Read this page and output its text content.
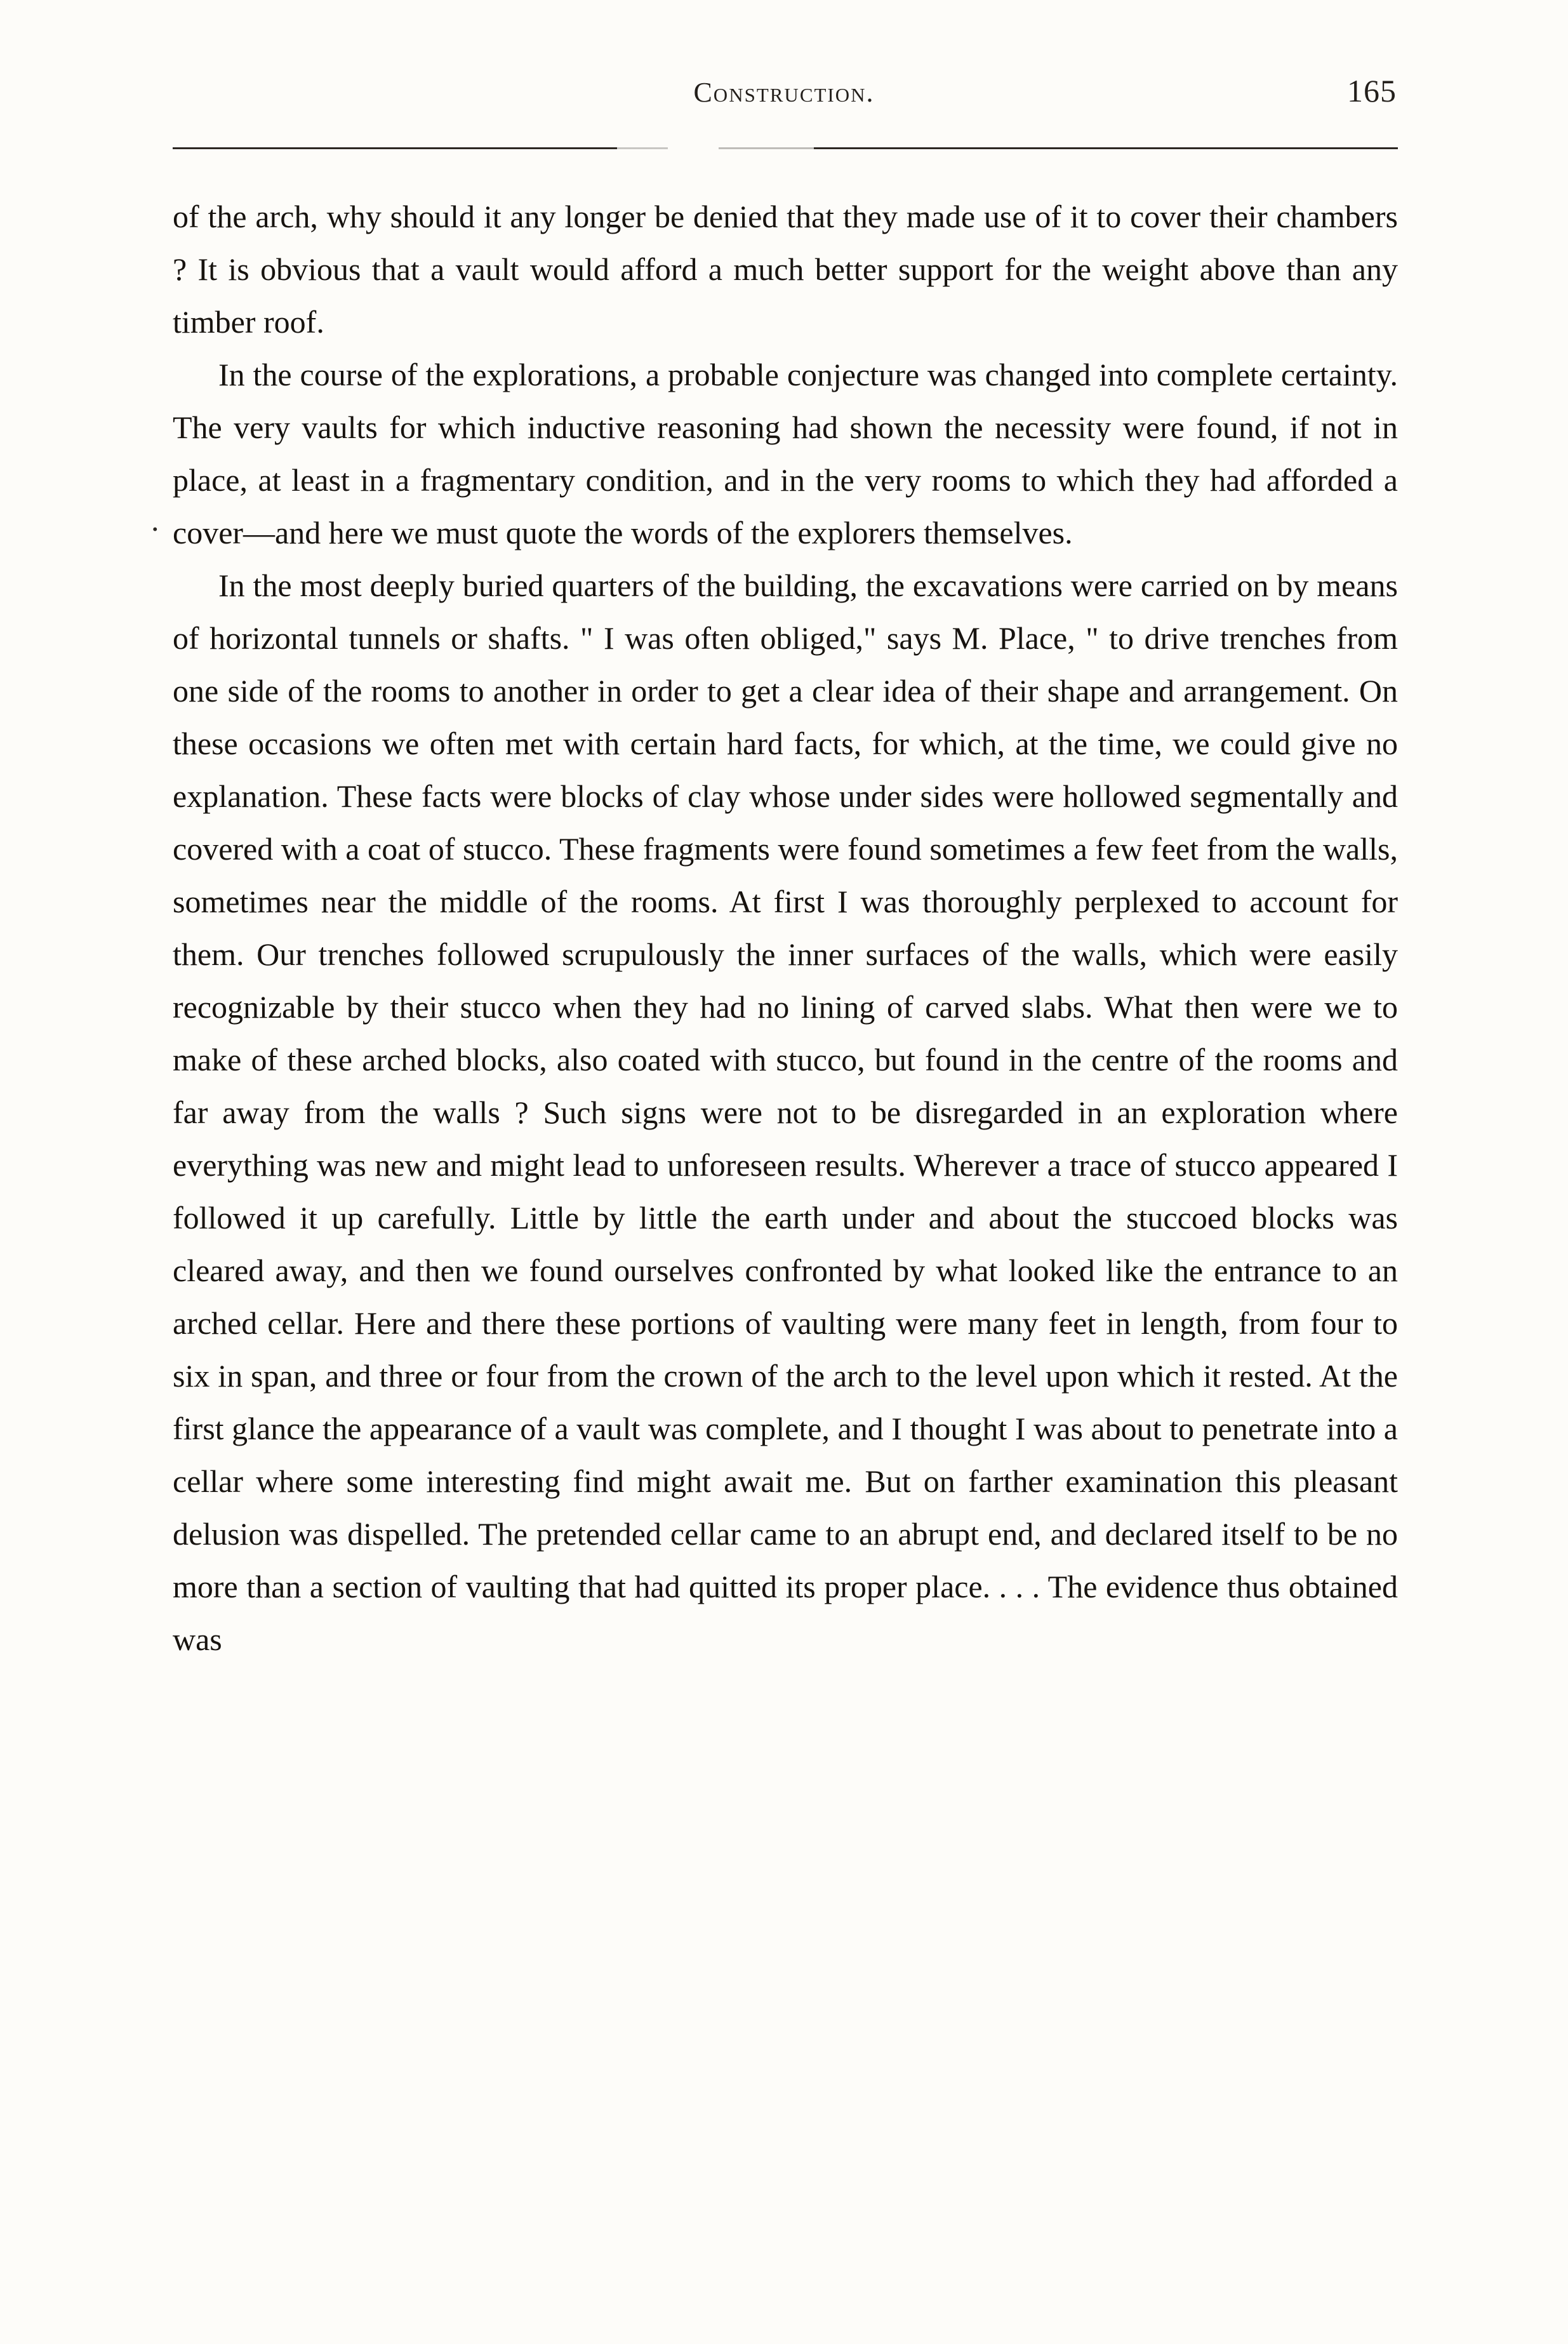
Construction.	165
.

of the arch, why should it any longer be denied that they made use of it to cover their chambers ? It is obvious that a vault would afford a much better support for the weight above than any timber roof.

In the course of the explorations, a probable conjecture was changed into complete certainty. The very vaults for which inductive reasoning had shown the necessity were found, if not in place, at least in a fragmentary condition, and in the very rooms to which they had afforded a cover—and here we must quote the words of the explorers themselves.

In the most deeply buried quarters of the building, the excavations were carried on by means of horizontal tunnels or shafts. " I was often obliged," says M. Place, " to drive trenches from one side of the rooms to another in order to get a clear idea of their shape and arrangement. On these occasions we often met with certain hard facts, for which, at the time, we could give no explanation. These facts were blocks of clay whose under sides were hollowed segmentally and covered with a coat of stucco. These fragments were found sometimes a few feet from the walls, sometimes near the middle of the rooms. At first I was thoroughly perplexed to account for them. Our trenches followed scrupulously the inner surfaces of the walls, which were easily recognizable by their stucco when they had no lining of carved slabs. What then were we to make of these arched blocks, also coated with stucco, but found in the centre of the rooms and far away from the walls ? Such signs were not to be disregarded in an exploration where everything was new and might lead to unforeseen results. Wherever a trace of stucco appeared I followed it up carefully. Little by little the earth under and about the stuccoed blocks was cleared away, and then we found ourselves confronted by what looked like the entrance to an arched cellar. Here and there these portions of vaulting were many feet in length, from four to six in span, and three or four from the crown of the arch to the level upon which it rested. At the first glance the appearance of a vault was complete, and I thought I was about to penetrate into a cellar where some interesting find might await me. But on farther examination this pleasant delusion was dispelled. The pretended cellar came to an abrupt end, and declared itself to be no more than a section of vaulting that had quitted its proper place. . . . The evidence thus obtained was
